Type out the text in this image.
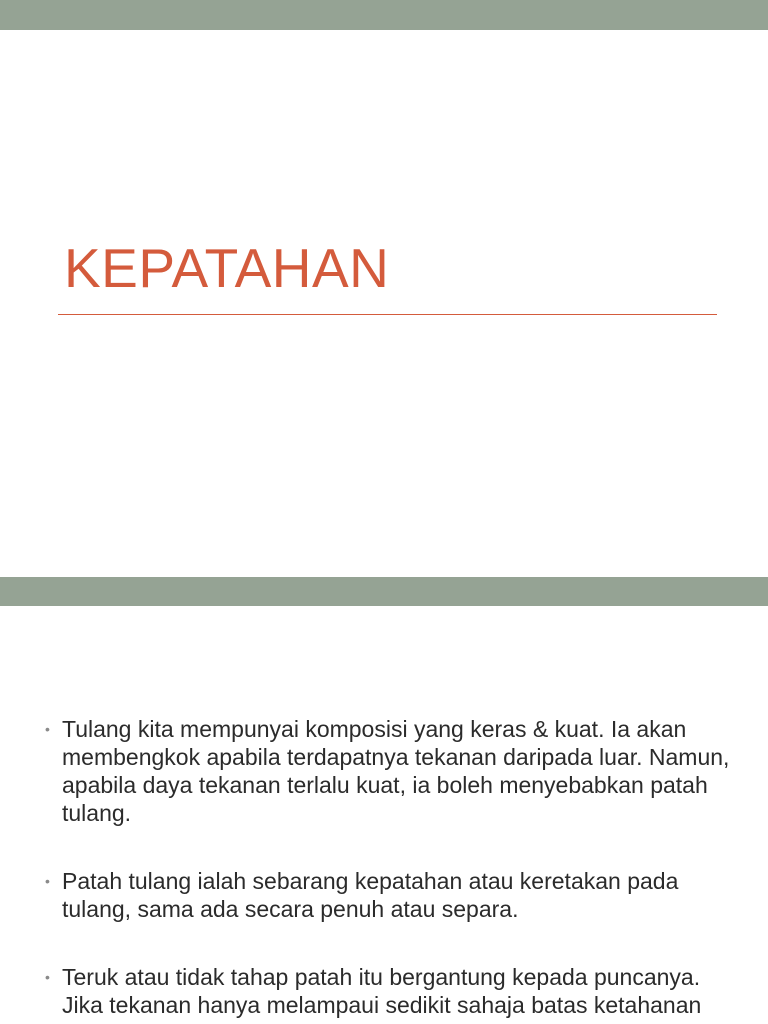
KEPATAHAN
• Tulang kita mempunyai komposisi yang keras & kuat. Ia akan membengkok apabila terdapatnya tekanan daripada luar. Namun, apabila daya tekanan terlalu kuat, ia boleh menyebabkan patah tulang.
• Patah tulang ialah sebarang kepatahan atau keretakan pada tulang, sama ada secara penuh atau separa.
• Teruk atau tidak tahap patah itu bergantung kepada puncanya. Jika tekanan hanya melampaui sedikit sahaja batas ketahanan
